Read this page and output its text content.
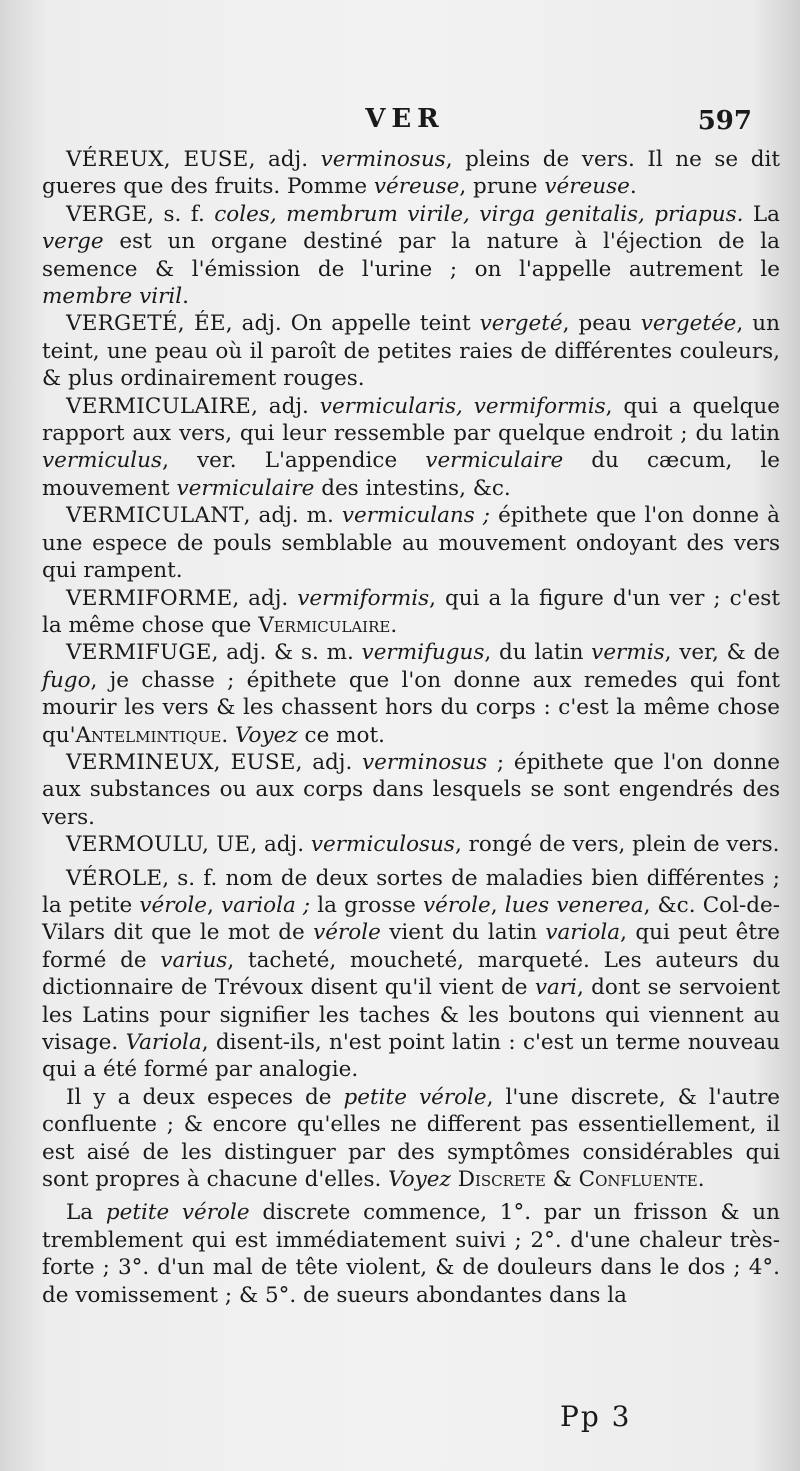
VER	597

VÉREUX, EUSE, adj. verminosus, pleins de vers. Il ne se dit gueres que des fruits. Pomme véreuse, prune véreuse.

VERGE, s. f. coles, membrum virile, virga genitalis, priapus. La verge est un organe destiné par la nature à l'éjection de la semence & l'émission de l'urine ; on l'appelle autrement le membre viril.

VERGETÉ, ÉE, adj. On appelle teint vergeté, peau vergetée, un teint, une peau où il paroît de petites raies de différentes couleurs, & plus ordinairement rouges.

VERMICULAIRE, adj. vermicularis, vermiformis, qui a quelque rapport aux vers, qui leur ressemble par quelque endroit ; du latin vermiculus, ver. L'appendice vermiculaire du cæcum, le mouvement vermiculaire des intestins, &c.

VERMICULANT, adj. m. vermiculans ; épithete que l'on donne à une espece de pouls semblable au mouvement ondoyant des vers qui rampent.

VERMIFORME, adj. vermiformis, qui a la figure d'un ver ; c'est la même chose que Vermiculaire.

VERMIFUGE, adj. & s. m. vermifugus, du latin vermis, ver, & de fugo, je chasse ; épithete que l'on donne aux remedes qui font mourir les vers & les chassent hors du corps : c'est la même chose qu'Antelmintique. Voyez ce mot.

VERMINEUX, EUSE, adj. verminosus ; épithete que l'on donne aux substances ou aux corps dans lesquels se sont engendrés des vers.

VERMOULU, UE, adj. vermiculosus, rongé de vers, plein de vers.

VÉROLE, s. f. nom de deux sortes de maladies bien différentes ; la petite vérole, variola ; la grosse vérole, lues venerea, &c. Col-de-Vilars dit que le mot de vérole vient du latin variola, qui peut être formé de varius, tacheté, moucheté, marqueté. Les auteurs du dictionnaire de Trévoux disent qu'il vient de vari, dont se servoient les Latins pour signifier les taches & les boutons qui viennent au visage. Variola, disent-ils, n'est point latin : c'est un terme nouveau qui a été formé par analogie.

Il y a deux especes de petite vérole, l'une discrete, & l'autre confluente ; & encore qu'elles ne different pas essentiellement, il est aisé de les distinguer par des symptômes considérables qui sont propres à chacune d'elles. Voyez Discrete & Confluente.

La petite vérole discrete commence, 1°. par un frisson & un tremblement qui est immédiatement suivi ; 2°. d'une chaleur très-forte ; 3°. d'un mal de tête violent, & de douleurs dans le dos ; 4°. de vomissement ; & 5°. de sueurs abondantes dans la

Pp 3
